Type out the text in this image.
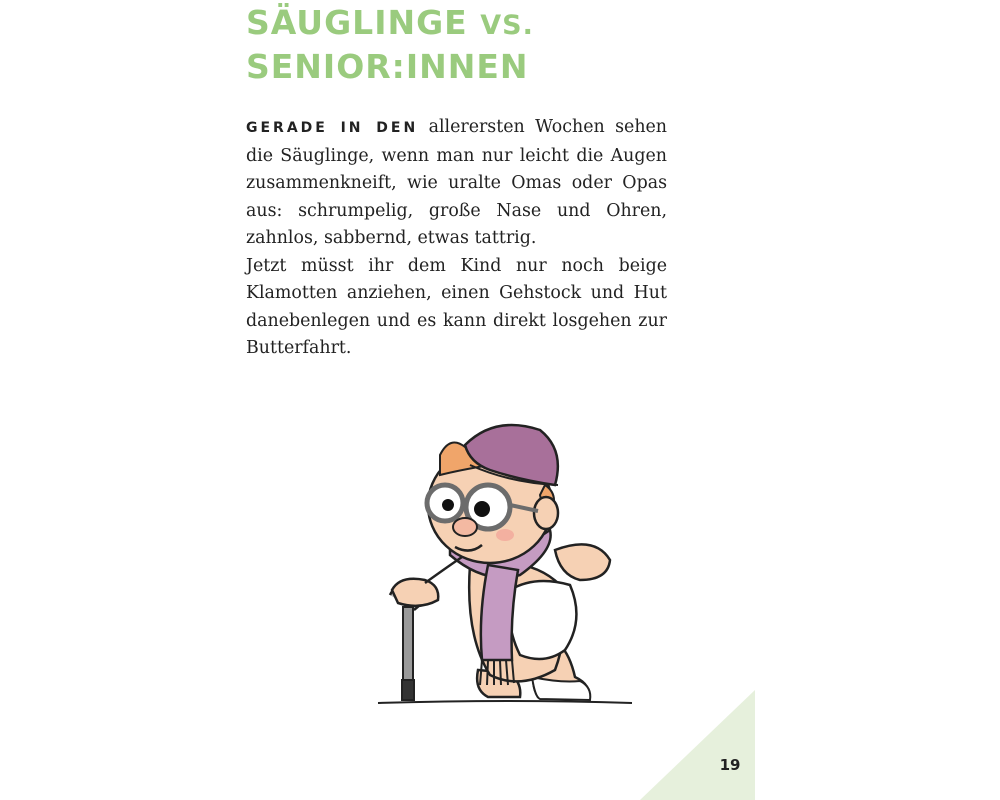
SÄUGLINGE VS.
SENIOR:INNEN

GERADE IN DEN allerersten Wochen sehen die Säuglinge, wenn man nur leicht die Augen zusammenkneift, wie uralte Omas oder Opas aus: schrumpelig, große Nase und Ohren, zahnlos, sabbernd, etwas tattrig.

Jetzt müsst ihr dem Kind nur noch beige Klamotten anziehen, einen Gehstock und Hut danebenlegen und es kann direkt losgehen zur Butterfahrt.

19
